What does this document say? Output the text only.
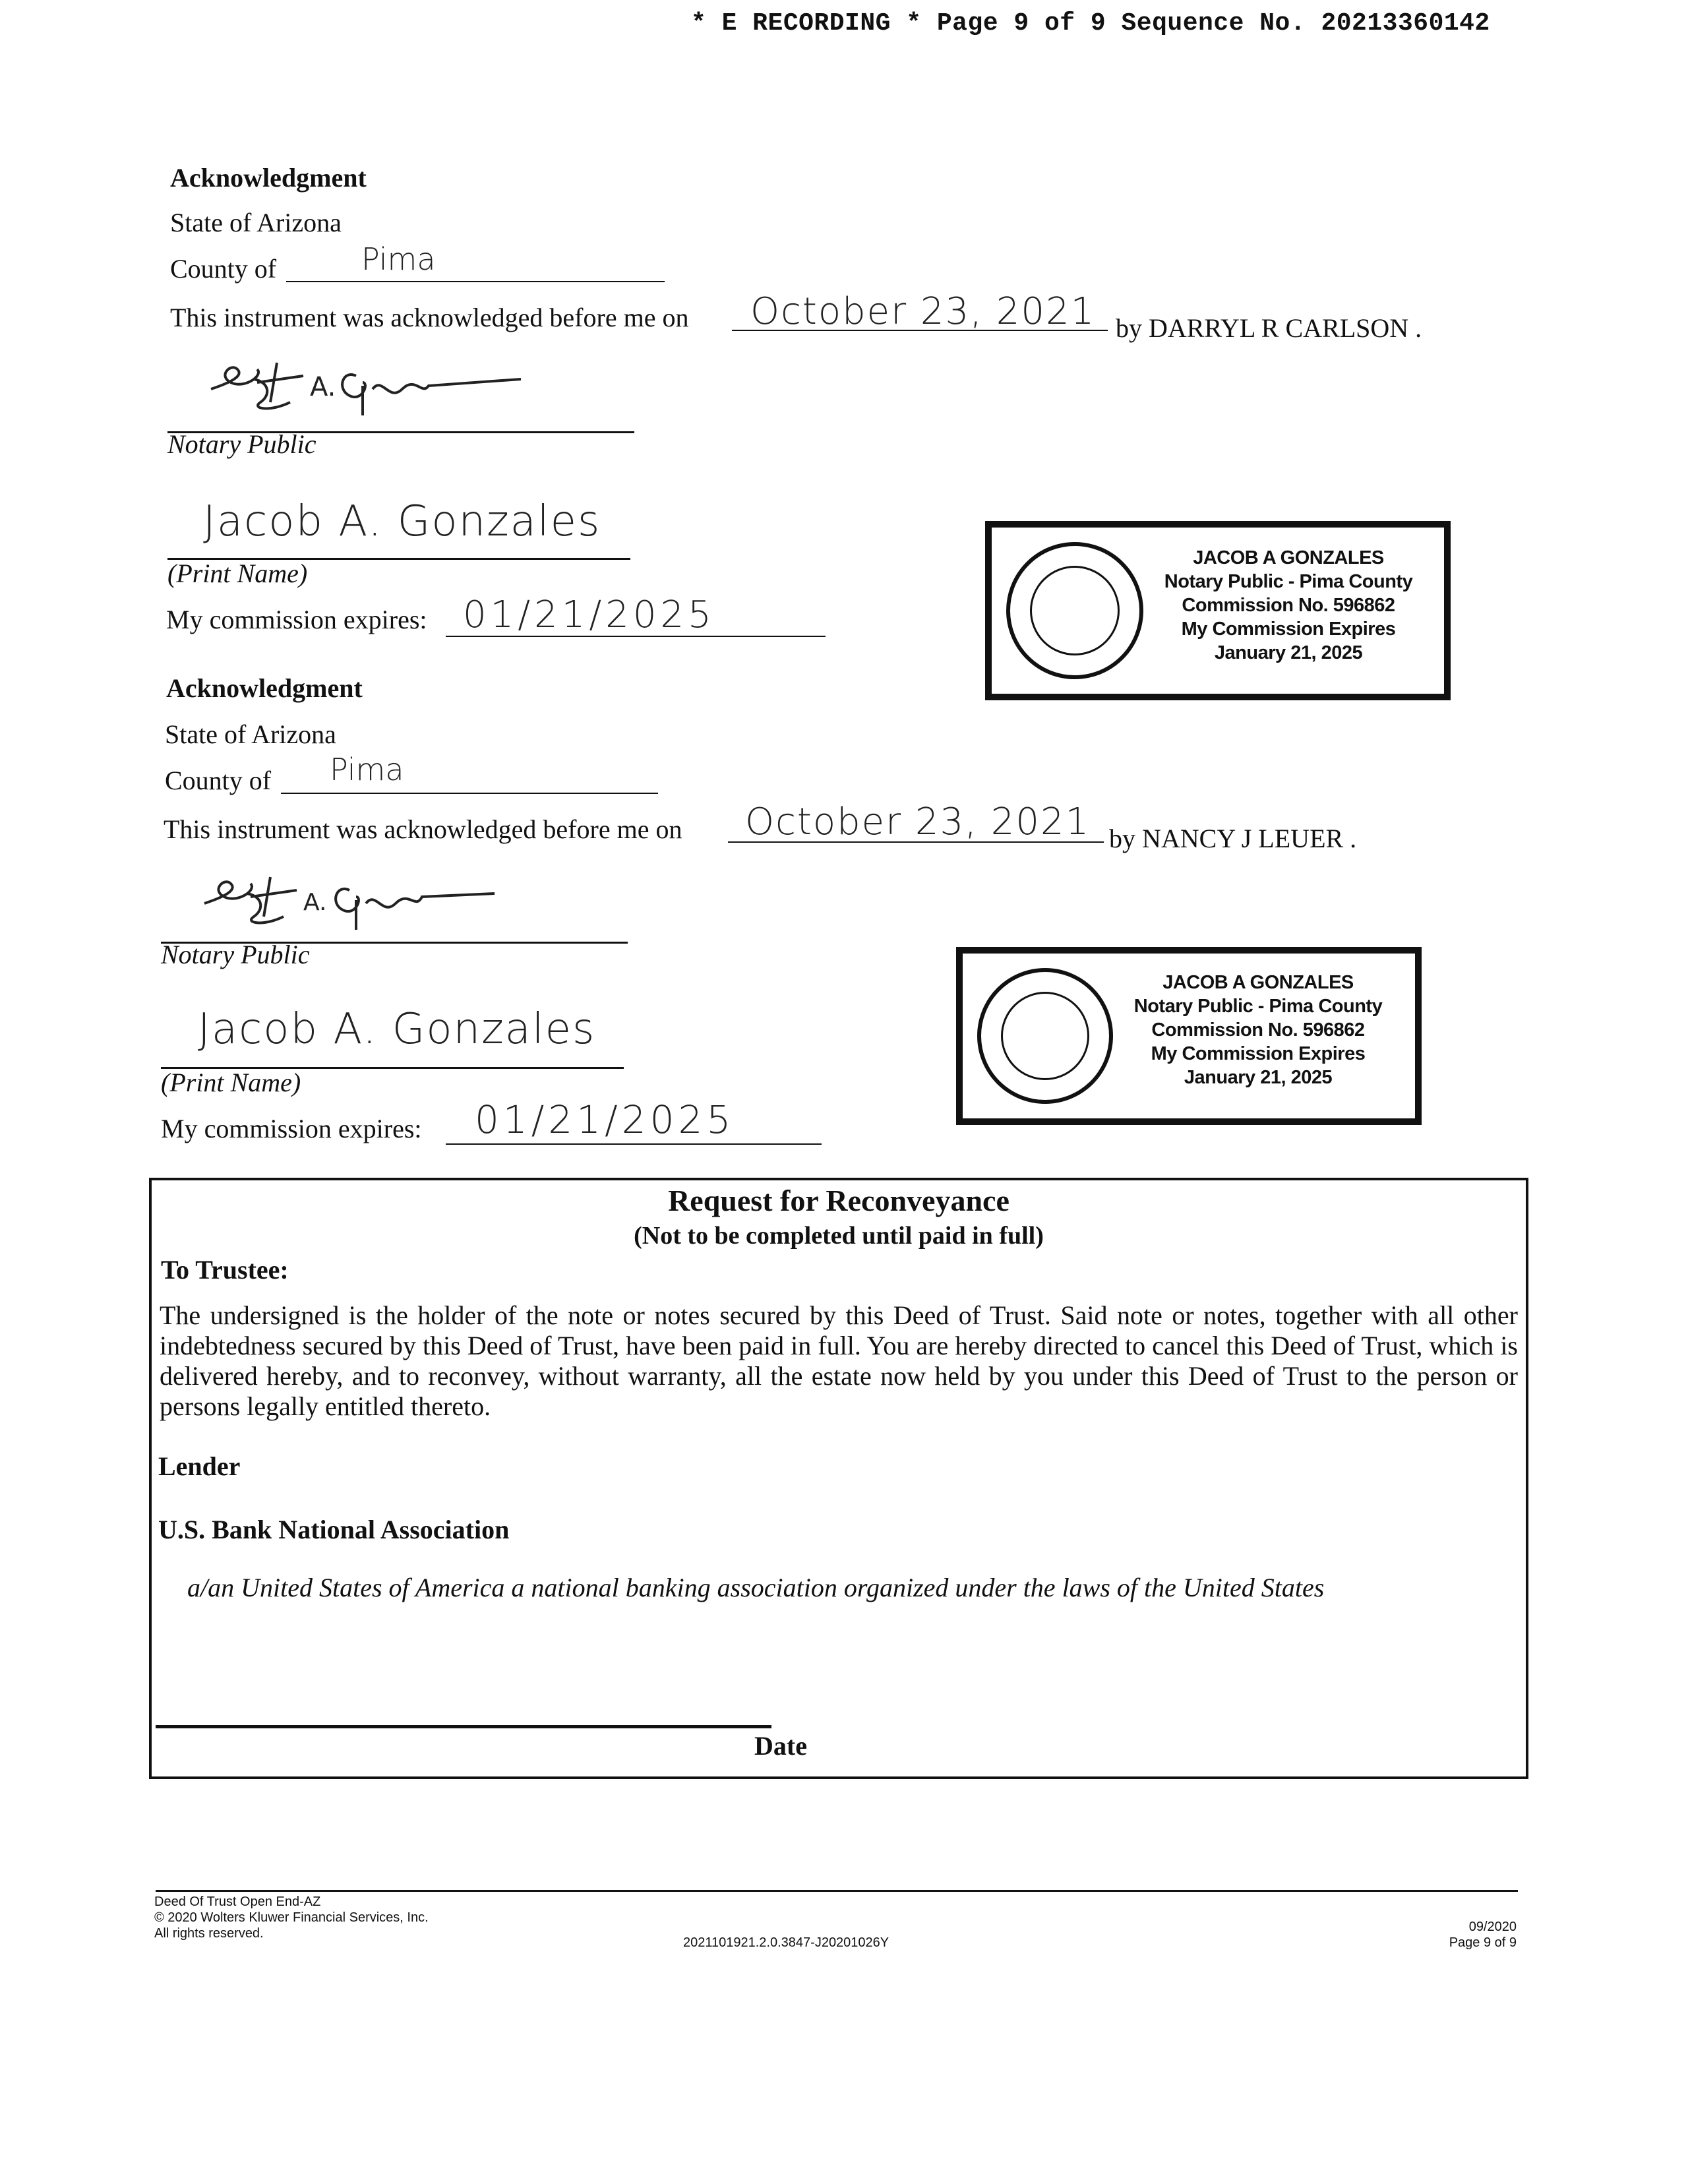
* E RECORDING * Page 9 of 9 Sequence No. 20213360142
Acknowledgment
State of Arizona
County of	Pima
This instrument was acknowledged before me on October 23, 2021 by DARRYL R CARLSON .
A.
Notary Public
Jacob A. Gonzales
(Print Name)
My commission expires: 01/21/2025
JACOB A GONZALES
Notary Public - Pima County
Commission No. 596862
My Commission Expires
January 21, 2025
Acknowledgment
State of Arizona
County of Pima
This instrument was acknowledged before me on October 23, 2021 by NANCY J LEUER .
A.
Notary Public
Jacob A. Gonzales
(Print Name)
My commission expires: 01/21/2025
JACOB A GONZALES
Notary Public - Pima County
Commission No. 596862
My Commission Expires
January 21, 2025
Request for Reconveyance
(Not to be completed until paid in full)
To Trustee:
The undersigned is the holder of the note or notes secured by this Deed of Trust. Said note or notes, together with all other indebtedness secured by this Deed of Trust, have been paid in full. You are hereby directed to cancel this Deed of Trust, which is delivered hereby, and to reconvey, without warranty, all the estate now held by you under this Deed of Trust to the person or persons legally entitled thereto.
Lender
U.S. Bank National Association
a/an United States of America a national banking association organized under the laws of the United States
Date
Deed Of Trust Open End-AZ
© 2020 Wolters Kluwer Financial Services, Inc.
All rights reserved.
2021101921.2.0.3847-J20201026Y
09/2020
Page 9 of 9
